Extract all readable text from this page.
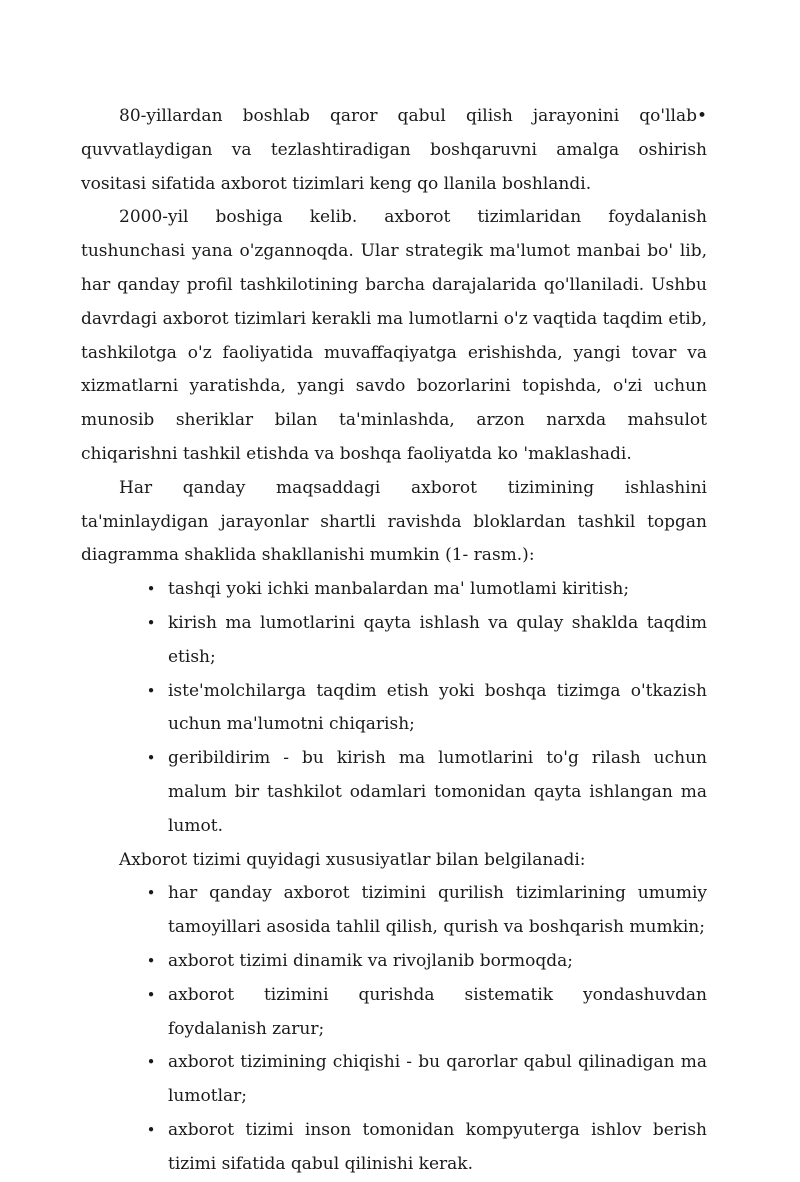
80-yillardan boshlab qaror qabul qilish jarayonini qo'llab• quvvatlaydigan va tezlashtiradigan boshqaruvni amalga oshirish vositasi sifatida axborot tizimlari keng qo llanila boshlandi.

2000-yil boshiga kelib. axborot tizimlaridan foydalanish tushunchasi yana o'zgannoqda. Ular strategik ma'lumot manbai bo' lib, har qanday profil tashkilotining barcha darajalarida qo'llaniladi. Ushbu davrdagi axborot tizimlari kerakli ma lumotlarni o'z vaqtida taqdim etib, tashkilotga o'z faoliyatida muvaffaqiyatga erishishda, yangi tovar va xizmatlarni yaratishda, yangi savdo bozorlarini topishda, o'zi uchun munosib sheriklar bilan ta'minlashda, arzon narxda mahsulot chiqarishni tashkil etishda va boshqa faoliyatda ko 'maklashadi.

Har qanday maqsaddagi axborot tizimining ishlashini ta'minlaydigan jarayonlar shartli ravishda bloklardan tashkil topgan diagramma shaklida shakllanishi mumkin (1- rasm.):

• tashqi yoki ichki manbalardan ma' lumotlami kiritish;
• kirish ma lumotlarini qayta ishlash va qulay shaklda taqdim etish;
• iste'molchilarga taqdim etish yoki boshqa tizimga o'tkazish uchun ma'lumotni chiqarish;
• geribildirim - bu kirish ma lumotlarini to'g rilash uchun malum bir tashkilot odamlari tomonidan qayta ishlangan ma lumot.

Axborot tizimi quyidagi xususiyatlar bilan belgilanadi:

• har qanday axborot tizimini qurilish tizimlarining umumiy tamoyillari asosida tahlil qilish, qurish va boshqarish mumkin;
• axborot tizimi dinamik va rivojlanib bormoqda;
• axborot tizimini qurishda sistematik yondashuvdan foydalanish zarur;
• axborot tizimining chiqishi - bu qarorlar qabul qilinadigan ma lumotlar;
• axborot tizimi inson tomonidan kompyuterga ishlov berish tizimi sifatida qabul qilinishi kerak.
